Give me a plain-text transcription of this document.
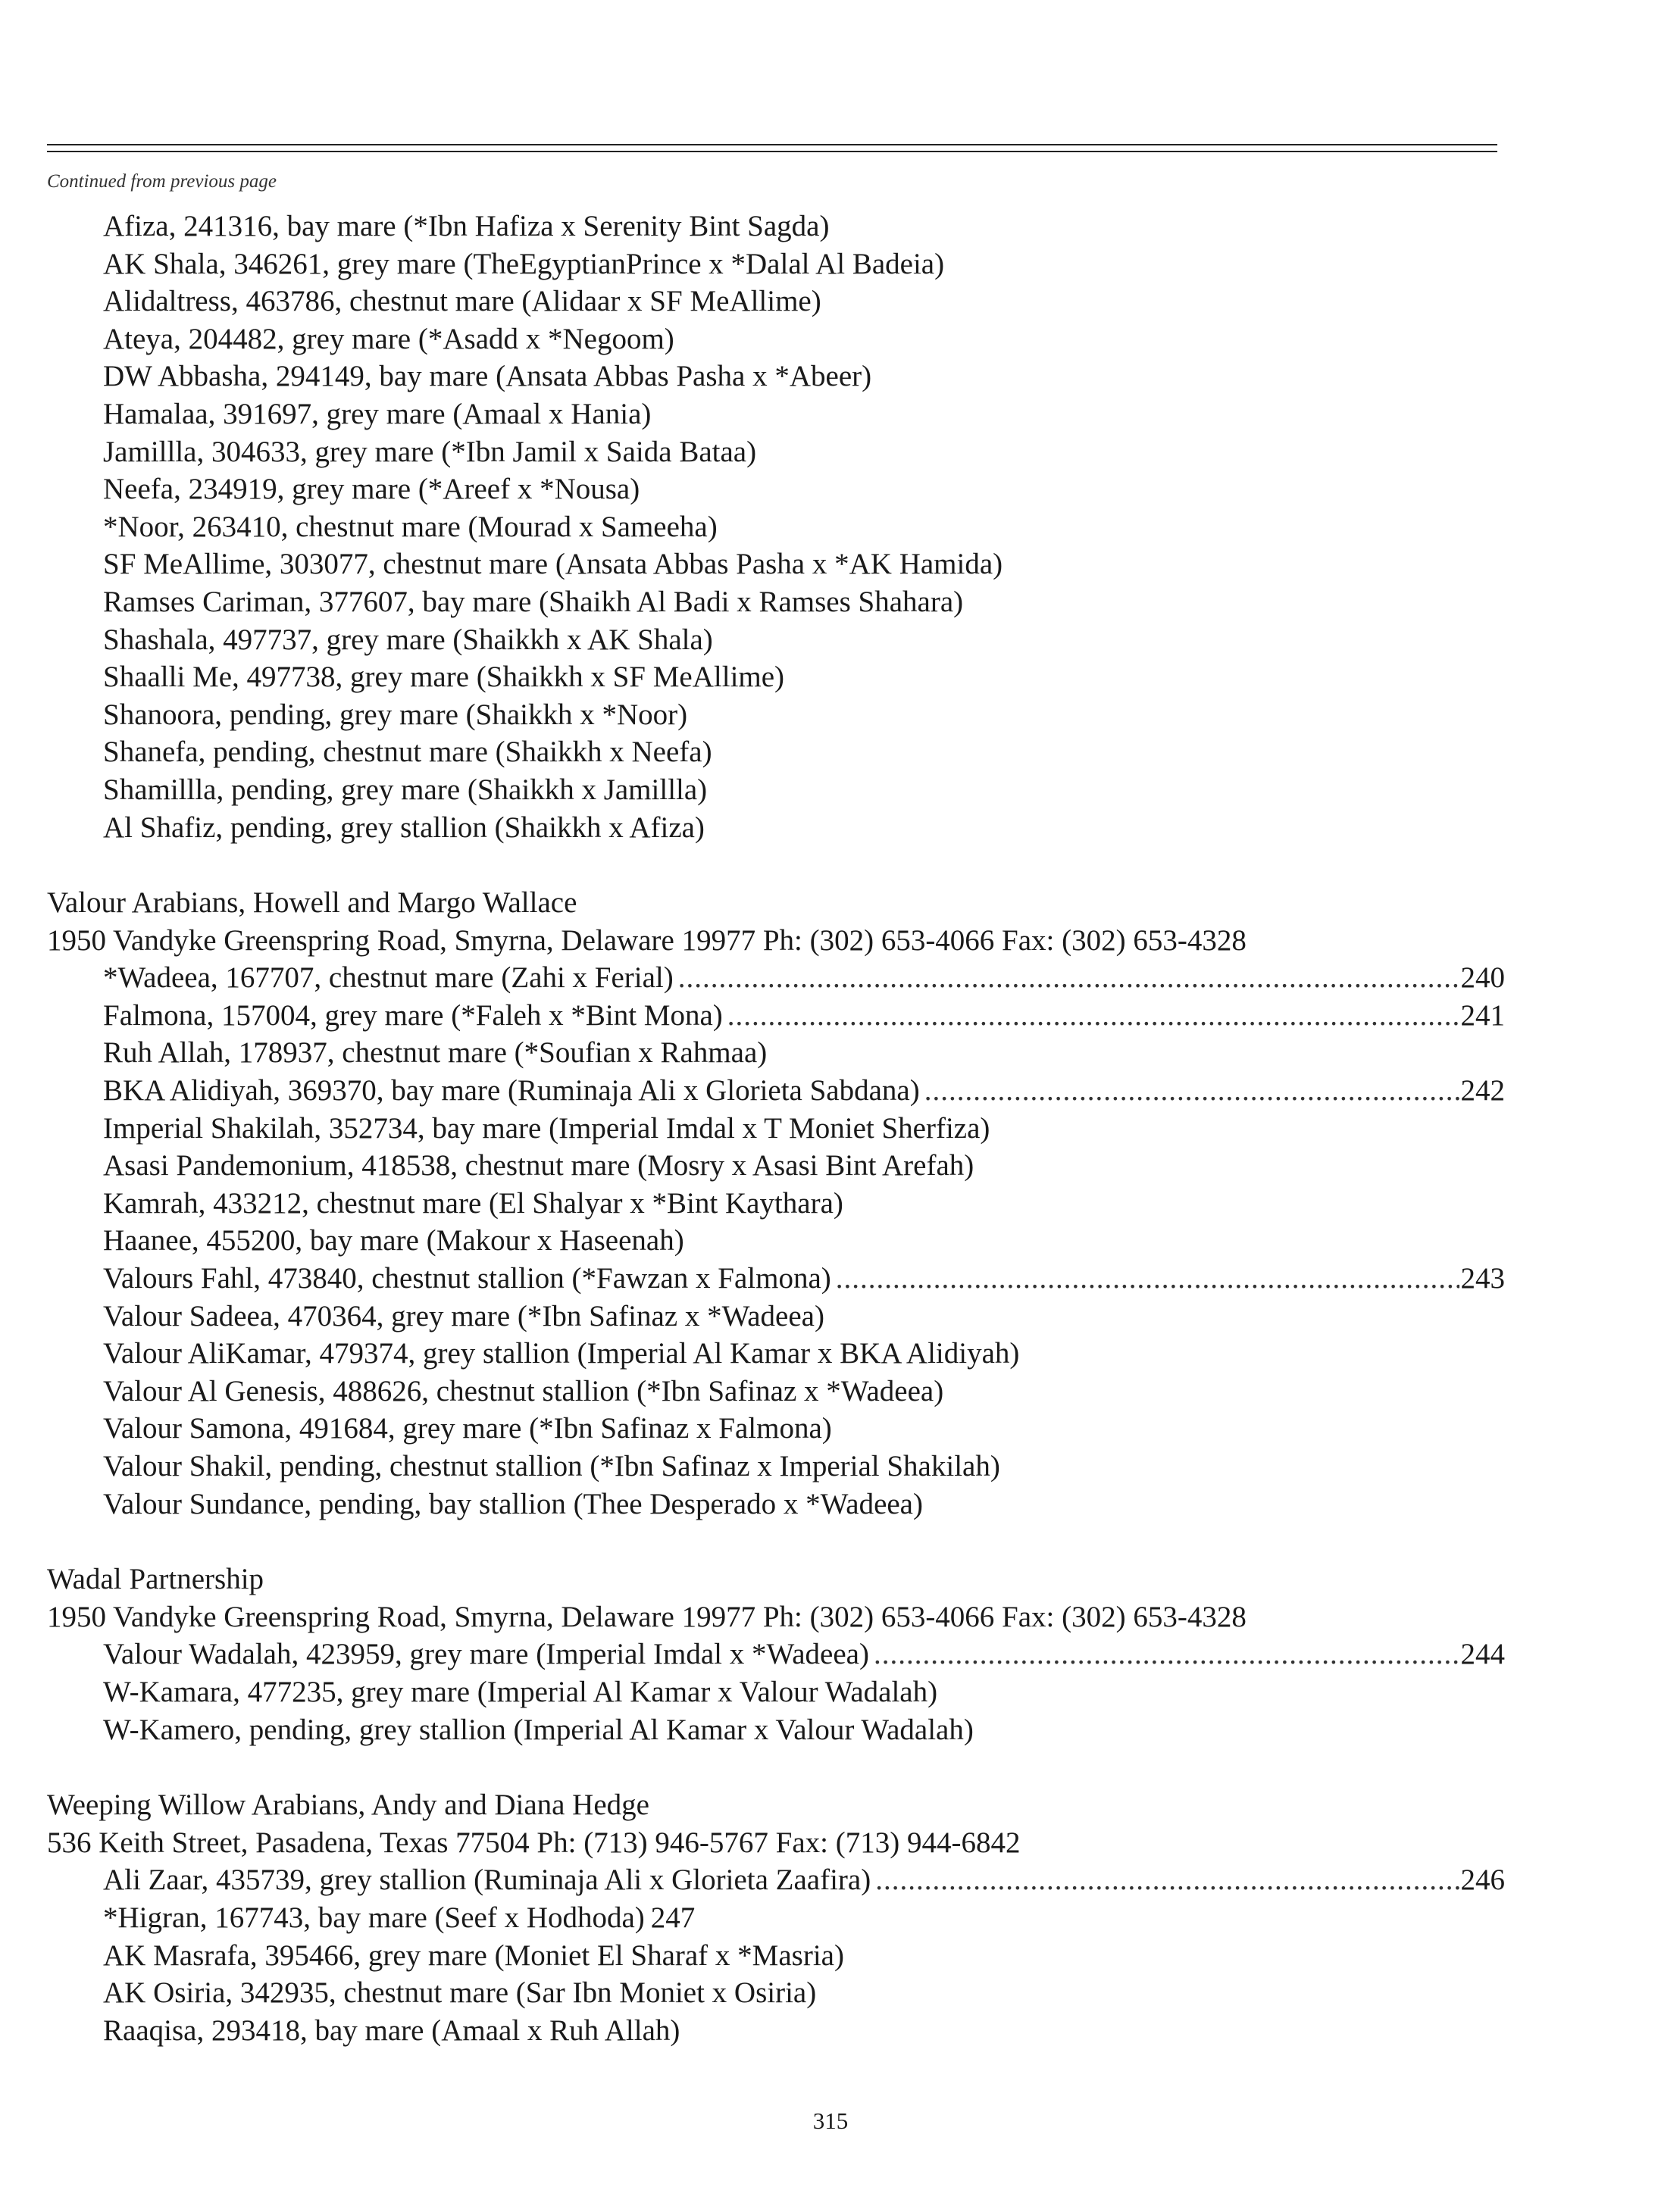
Continued from previous page
Afiza, 241316, bay mare (*Ibn Hafiza x Serenity Bint Sagda)
AK Shala, 346261, grey mare (TheEgyptianPrince x *Dalal Al Badeia)
Alidaltress, 463786, chestnut mare (Alidaar x SF MeAllime)
Ateya, 204482, grey mare (*Asadd x *Negoom)
DW Abbasha, 294149, bay mare (Ansata Abbas Pasha x *Abeer)
Hamalaa, 391697, grey mare (Amaal x Hania)
Jamillla, 304633, grey mare (*Ibn Jamil x Saida Bataa)
Neefa, 234919, grey mare (*Areef x *Nousa)
*Noor, 263410, chestnut mare (Mourad x Sameeha)
SF MeAllime, 303077, chestnut mare (Ansata Abbas Pasha x *AK Hamida)
Ramses Cariman, 377607, bay mare (Shaikh Al Badi x Ramses Shahara)
Shashala, 497737, grey mare (Shaikkh x AK Shala)
Shaalli Me, 497738, grey mare (Shaikkh x SF MeAllime)
Shanoora, pending, grey mare (Shaikkh x *Noor)
Shanefa, pending, chestnut mare (Shaikkh x Neefa)
Shamillla, pending, grey mare (Shaikkh x Jamillla)
Al Shafiz, pending, grey stallion (Shaikkh x Afiza)
Valour Arabians, Howell and Margo Wallace
1950 Vandyke Greenspring Road, Smyrna, Delaware 19977 Ph: (302) 653-4066 Fax: (302) 653-4328
*Wadeea, 167707, chestnut mare (Zahi x Ferial) .....	240
Falmona, 157004, grey mare (*Faleh x *Bint Mona) .....	241
Ruh Allah, 178937, chestnut mare (*Soufian x Rahmaa)
BKA Alidiyah, 369370, bay mare (Ruminaja Ali x Glorieta Sabdana) .....	242
Imperial Shakilah, 352734, bay mare (Imperial Imdal x T Moniet Sherfiza)
Asasi Pandemonium, 418538, chestnut mare (Mosry x Asasi Bint Arefah)
Kamrah, 433212, chestnut mare (El Shalyar x *Bint Kaythara)
Haanee, 455200, bay mare (Makour x Haseenah)
Valours Fahl, 473840, chestnut stallion (*Fawzan x Falmona) .....	243
Valour Sadeea, 470364, grey mare (*Ibn Safinaz x *Wadeea)
Valour AliKamar, 479374, grey stallion (Imperial Al Kamar x BKA Alidiyah)
Valour Al Genesis, 488626, chestnut stallion (*Ibn Safinaz x *Wadeea)
Valour Samona, 491684, grey mare (*Ibn Safinaz x Falmona)
Valour Shakil, pending, chestnut stallion (*Ibn Safinaz x Imperial Shakilah)
Valour Sundance, pending, bay stallion (Thee Desperado x *Wadeea)
Wadal Partnership
1950 Vandyke Greenspring Road, Smyrna, Delaware 19977 Ph: (302) 653-4066 Fax: (302) 653-4328
Valour Wadalah, 423959, grey mare (Imperial Imdal x *Wadeea) .....	244
W-Kamara, 477235, grey mare (Imperial Al Kamar x Valour Wadalah)
W-Kamero, pending, grey stallion (Imperial Al Kamar x Valour Wadalah)
Weeping Willow Arabians, Andy and Diana Hedge
536 Keith Street, Pasadena, Texas 77504 Ph: (713) 946-5767 Fax: (713) 944-6842
Ali Zaar, 435739, grey stallion (Ruminaja Ali x Glorieta Zaafira) .....	246
*Higran, 167743, bay mare (Seef x Hodhoda) 247
AK Masrafa, 395466, grey mare (Moniet El Sharaf x *Masria)
AK Osiria, 342935, chestnut mare (Sar Ibn Moniet x Osiria)
Raaqisa, 293418, bay mare (Amaal x Ruh Allah)
315
